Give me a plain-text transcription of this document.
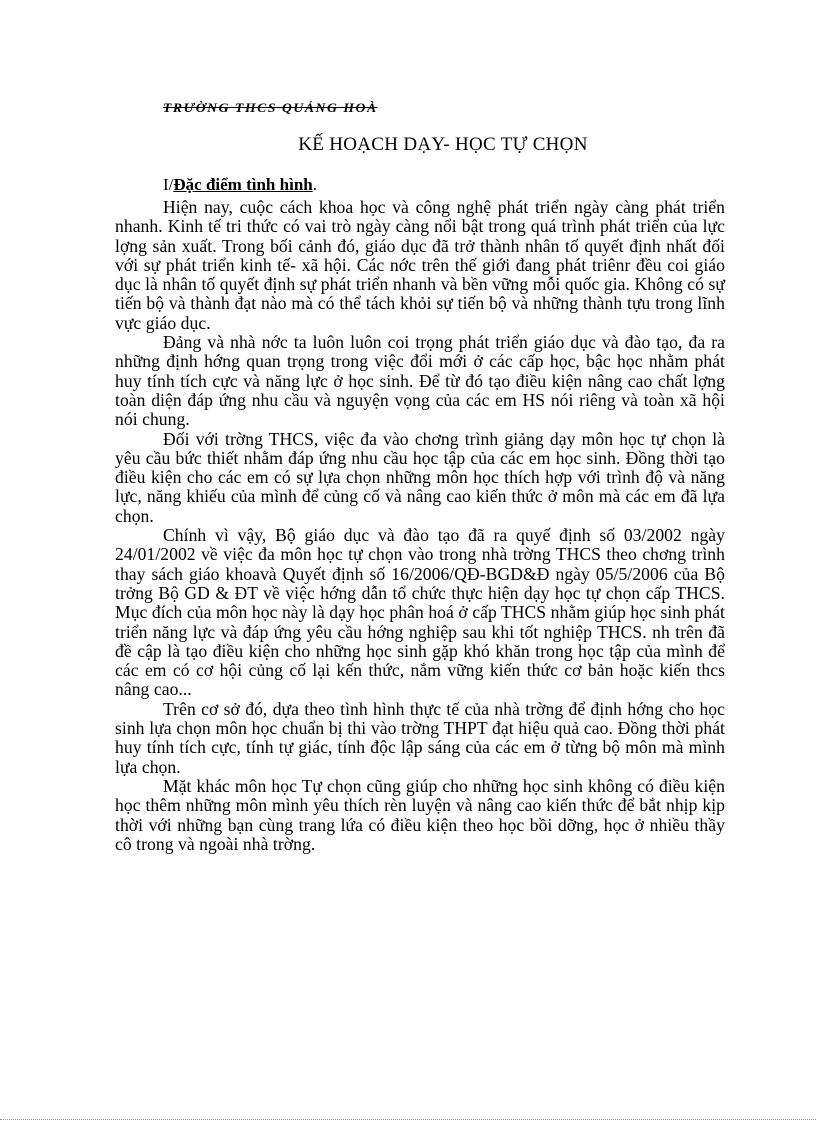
TRƯỜNG THCS QUẢNG HOÀ
KẾ HOẠCH DẠY- HỌC TỰ CHỌN
I/Đặc điểm tình hình.

Hiện nay, cuộc cách khoa học và công nghệ phát triển ngày càng phát triển nhanh. Kinh tế tri thức có vai trò ngày càng nổi bật trong quá trình phát triển của lực lợng sản xuất. Trong bối cảnh đó, giáo dục đã trở thành nhân tố quyết định nhất đối với sự phát triển kinh tế- xã hội. Các nớc trên thế giới đang phát triênr đều coi giáo dục là nhân tố quyết định sự phát triển nhanh và bền vững mỗi quốc gia. Không có sự tiến bộ và thành đạt nào mà có thể tách khỏi sự tiến bộ và những thành tựu trong lĩnh vực giáo dục.

Đảng và nhà nớc ta luôn luôn coi trọng phát triển giáo dục và đào tạo, đa ra những định hớng quan trọng trong việc đổi mới ở các cấp học, bậc học nhằm phát huy tính tích cực và năng lực ở học sinh. Để từ đó tạo điều kiện nâng cao chất lợng toàn diện đáp ứng nhu cầu và nguyện vọng của các em HS nói riêng và toàn xã hội nói chung.

Đối với trờng THCS, việc đa vào chơng trình giảng dạy môn học tự chọn là yêu cầu bức thiết nhằm đáp ứng nhu cầu học tập của các em học sinh. Đồng thời tạo điều kiện cho các em có sự lựa chọn những môn học thích hợp với trình độ và năng lực, năng khiếu của mình để củng cố và nâng cao kiến thức ở môn mà các em đã lựa chọn.

Chính vì vậy, Bộ giáo dục và đào tạo đã ra quyế định số 03/2002 ngày 24/01/2002 về việc đa môn học tự chọn vào trong nhà trờng THCS theo chơng trình thay sách giáo khoavà Quyết định số 16/2006/QĐ-BGD&Đ ngày 05/5/2006 của Bộ trởng Bộ GD & ĐT về việc hớng dẫn tổ chức thực hiện dạy học tự chọn cấp THCS. Mục đích của môn học này là dạy học phân hoá ở cấp THCS nhằm giúp học sinh phát triển năng lực và đáp ứng yêu cầu hớng nghiệp sau khi tốt nghiệp THCS. nh trên đã đề cập là tạo điều kiện cho những học sinh gặp khó khăn trong học tập của mình để các em có cơ hội củng cố lại kến thức, nắm vững kiến thức cơ bản hoặc kiến thcs nâng cao...

Trên cơ sở đó, dựa theo tình hình thực tế của nhà trờng để định hớng cho học sinh lựa chọn môn học chuẩn bị thi vào trờng THPT đạt hiệu quả cao. Đồng thời phát huy tính tích cực, tính tự giác, tính độc lập sáng của các em ở từng bộ môn mà mình lựa chọn.

Mặt khác môn học Tự chọn cũng giúp cho những học sinh không có điều kiện học thêm những môn mình yêu thích rèn luyện và nâng cao kiến thức để bắt nhịp kịp thời với những bạn cùng trang lứa có điều kiện theo học bồi dỡng, học ở nhiều thầy cô trong và ngoài nhà trờng.
